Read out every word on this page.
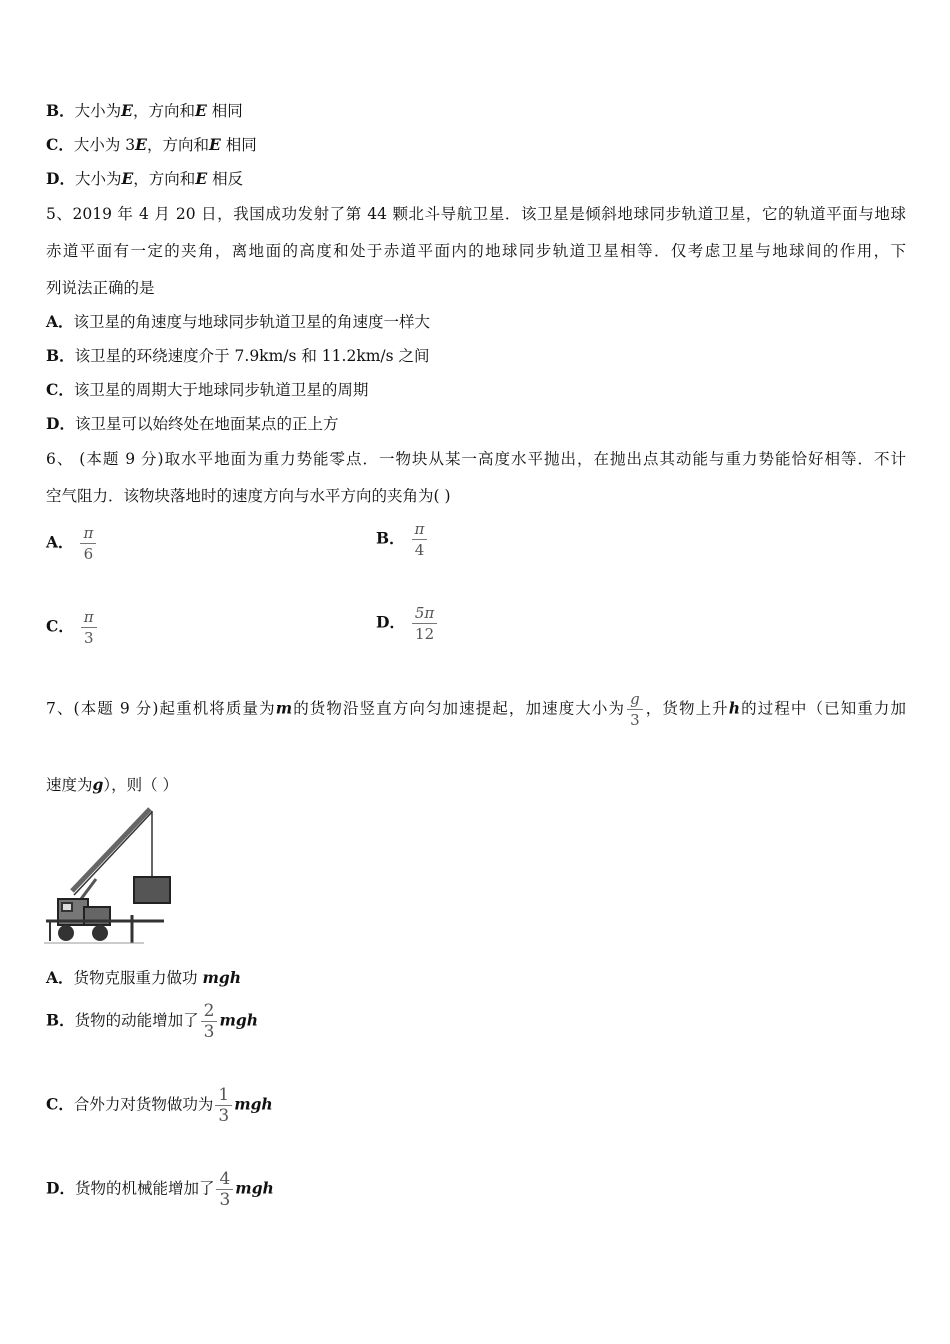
B．大小为E，方向和E 相同
C．大小为 3E，方向和E 相同
D．大小为E，方向和E 相反
5、2019 年 4 月 20 日，我国成功发射了第 44 颗北斗导航卫星．该卫星是倾斜地球同步轨道卫星，它的轨道平面与地球
赤道平面有一定的夹角，离地面的高度和处于赤道平面内的地球同步轨道卫星相等．仅考虑卫星与地球间的作用，下
列说法正确的是
A．该卫星的角速度与地球同步轨道卫星的角速度一样大
B．该卫星的环绕速度介于 7.9km/s 和 11.2km/s 之间
C．该卫星的周期大于地球同步轨道卫星的周期
D．该卫星可以始终处在地面某点的正上方
6、 (本题 9 分)取水平地面为重力势能零点．一物块从某一高度水平抛出，在抛出点其动能与重力势能恰好相等．不计
空气阻力．该物块落地时的速度方向与水平方向的夹角为( )
A． $\frac{\pi}{6}$	B． $\frac{\pi}{4}$
C． $\frac{\pi}{3}$	D． $\frac{5\pi}{12}$
7、(本题 9 分)起重机将质量为m的货物沿竖直方向匀加速提起，加速度大小为 $\frac{g}{3}$ ，货物上升h的过程中（已知重力加
速度为g），则（ ）
A．货物克服重力做功 mgh
B．货物的动能增加了 $\frac{2}{3}$ mgh
C．合外力对货物做功为 $\frac{1}{3}$ mgh
D．货物的机械能增加了 $\frac{4}{3}$ mgh
